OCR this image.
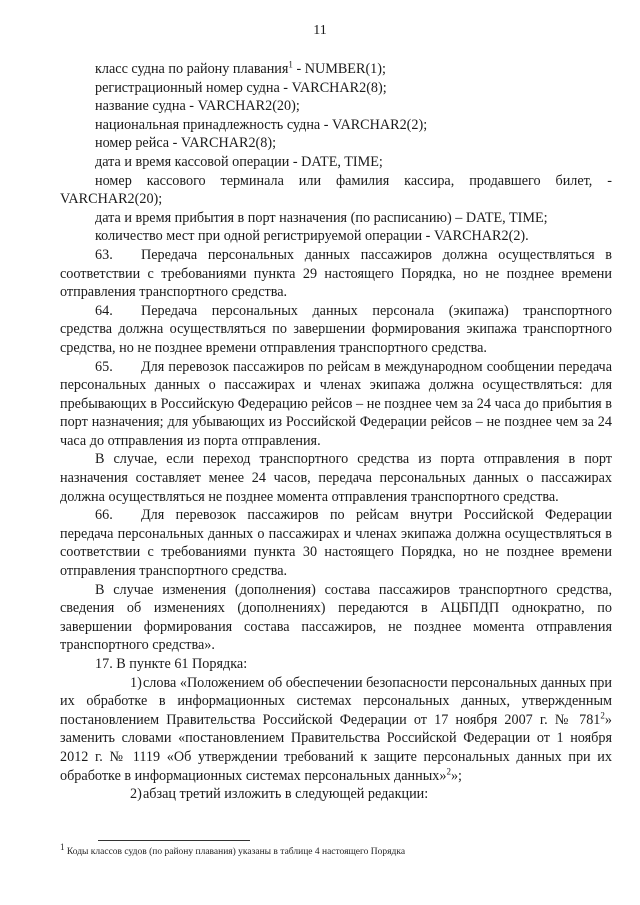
11

класс судна по району плавания$^1$ - NUMBER(1);

регистрационный номер судна - VARCHAR2(8);

название судна - VARCHAR2(20);

национальная принадлежность судна - VARCHAR2(2);

номер рейса - VARCHAR2(8);

дата и время кассовой операции - DATE, TIME;

номер кассового терминала или фамилия кассира, продавшего билет, - VARCHAR2(20);

дата и время прибытия в порт назначения (по расписанию) – DATE, TIME;

количество мест при одной регистрируемой операции - VARCHAR2(2).

63. Передача персональных данных пассажиров должна осуществляться в соответствии с требованиями пункта 29 настоящего Порядка, но не позднее времени отправления транспортного средства.

64. Передача персональных данных персонала (экипажа) транспортного средства должна осуществляться по завершении формирования экипажа транспортного средства, но не позднее времени отправления транспортного средства.

65. Для перевозок пассажиров по рейсам в международном сообщении передача персональных данных о пассажирах и членах экипажа должна осуществляться: для пребывающих в Российскую Федерацию рейсов – не позднее чем за 24 часа до прибытия в порт назначения; для убывающих из Российской Федерации рейсов – не позднее чем за 24 часа до отправления из порта отправления.

В случае, если переход транспортного средства из порта отправления в порт назначения составляет менее 24 часов, передача персональных данных о пассажирах должна осуществляться не позднее момента отправления транспортного средства.

66. Для перевозок пассажиров по рейсам внутри Российской Федерации передача персональных данных о пассажирах и членах экипажа должна осуществляться в соответствии с требованиями пункта 30 настоящего Порядка, но не позднее времени отправления транспортного средства.

В случае изменения (дополнения) состава пассажиров транспортного средства, сведения об изменениях (дополнениях) передаются в АЦБПДП однократно, по завершении формирования состава пассажиров, не позднее момента отправления транспортного средства».

17. В пункте 61 Порядка:

1)слова «Положением об обеспечении безопасности персональных данных при их обработке в информационных системах персональных данных, утвержденным постановлением Правительства Российской Федерации от 17 ноября 2007 г. № $781^2$» заменить словами «постановлением Правительства Российской Федерации от 1 ноября 2012 г. № 1119 «Об утверждении требований к защите персональных данных при их обработке в информационных системах персональных данных»$^2$»;

2)абзац третий изложить в следующей редакции:

$^1$ Коды классов судов (по району плавания) указаны в таблице 4 настоящего Порядка
